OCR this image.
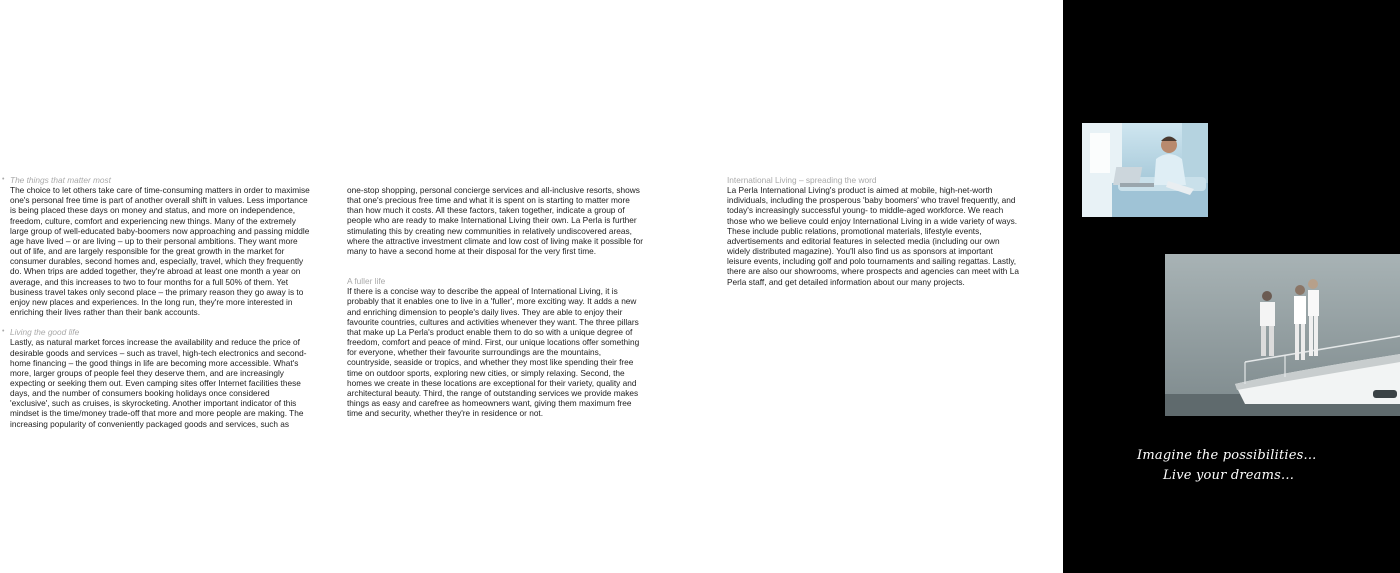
• The things that matter most

The choice to let others take care of time-consuming matters in order to maximise one's personal free time is part of another overall shift in values. Less importance is being placed these days on money and status, and more on independence, freedom, culture, comfort and experiencing new things. Many of the extremely large group of well-educated baby-boomers now approaching and passing middle age have lived – or are living – up to their personal ambitions. They want more out of life, and are largely responsible for the great growth in the market for consumer durables, second homes and, especially, travel, which they frequently do. When trips are added together, they're abroad at least one month a year on average, and this increases to two to four months for a full 50% of them. Yet business travel takes only second place – the primary reason they go away is to enjoy new places and experiences. In the long run, they're more interested in enriching their lives rather than their bank accounts.

• Living the good life

Lastly, as natural market forces increase the availability and reduce the price of desirable goods and services – such as travel, high-tech electronics and second-home financing – the good things in life are becoming more accessible. What's more, larger groups of people feel they deserve them, and are increasingly expecting or seeking them out. Even camping sites offer Internet facilities these days, and the number of consumers booking holidays once considered 'exclusive', such as cruises, is skyrocketing. Another important indicator of this mindset is the time/money trade-off that more and more people are making. The increasing popularity of conveniently packaged goods and services, such as

one-stop shopping, personal concierge services and all-inclusive resorts, shows that one's precious free time and what it is spent on is starting to matter more than how much it costs. All these factors, taken together, indicate a group of people who are ready to make International Living their own. La Perla is further stimulating this by creating new communities in relatively undiscovered areas, where the attractive investment climate and low cost of living make it possible for many to have a second home at their disposal for the very first time.

A fuller life

If there is a concise way to describe the appeal of International Living, it is probably that it enables one to live in a 'fuller', more exciting way. It adds a new and enriching dimension to people's daily lives. They are able to enjoy their favourite countries, cultures and activities whenever they want. The three pillars that make up La Perla's product enable them to do so with a unique degree of freedom, comfort and peace of mind. First, our unique locations offer something for everyone, whether their favourite surroundings are the mountains, countryside, seaside or tropics, and whether they most like spending their free time on outdoor sports, exploring new cities, or simply relaxing. Second, the homes we create in these locations are exceptional for their variety, quality and architectural beauty. Third, the range of outstanding services we provide makes things as easy and carefree as homeowners want, giving them maximum free time and security, whether they're in residence or not.

International Living – spreading the word

La Perla International Living's product is aimed at mobile, high-net-worth individuals, including the prosperous 'baby boomers' who travel frequently, and today's increasingly successful young- to middle-aged workforce. We reach those who we believe could enjoy International Living in a wide variety of ways. These include public relations, promotional materials, lifestyle events, advertisements and editorial features in selected media (including our own widely distributed magazine). You'll also find us as sponsors at important leisure events, including golf and polo tournaments and sailing regattas. Lastly, there are also our showrooms, where prospects and agencies can meet with La Perla staff, and get detailed information about our many projects.

Imagine the possibilities...
Live your dreams...
